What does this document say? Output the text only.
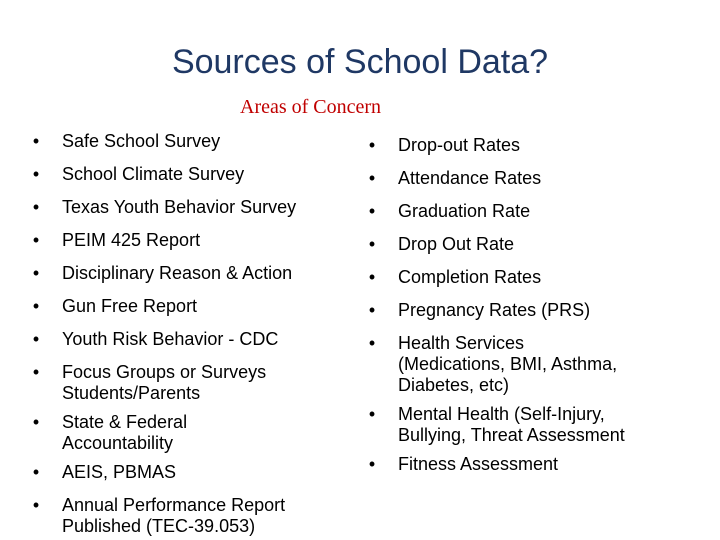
Sources of School Data?
Areas of Concern
•	Safe School Survey
•	School Climate Survey
•	Texas Youth Behavior Survey
•	PEIM 425 Report
•	Disciplinary Reason & Action
•	Gun Free Report
•	Youth Risk Behavior - CDC
•	Focus Groups or Surveys
Students/Parents
•	State & Federal
Accountability
•	AEIS, PBMAS
•	Annual Performance Report
Published (TEC-39.053)
•	Drop-out Rates
•	Attendance Rates
•	Graduation Rate
•	Drop Out Rate
•	Completion Rates
•	Pregnancy Rates (PRS)
•	Health Services
(Medications, BMI, Asthma,
Diabetes, etc)
•	Mental Health (Self-Injury,
Bullying, Threat Assessment
•	Fitness Assessment
